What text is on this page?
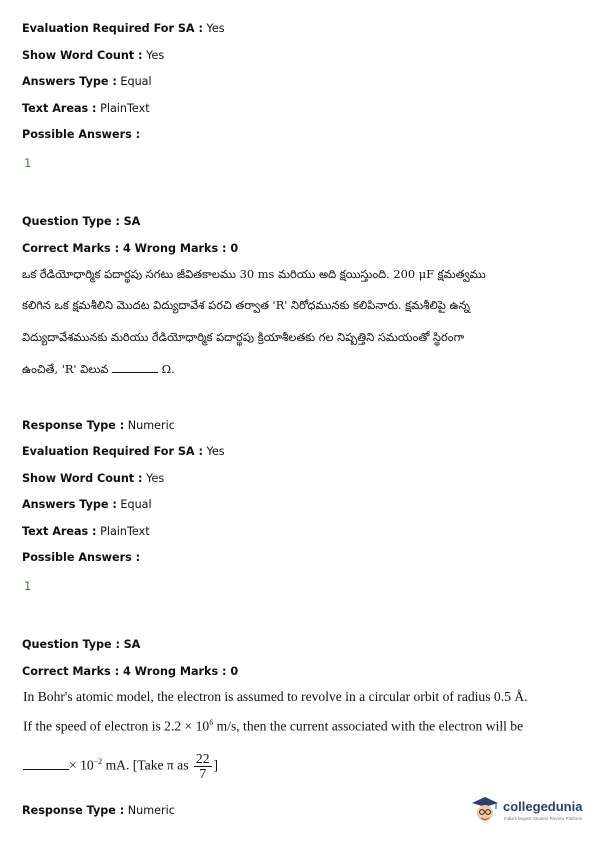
Evaluation Required For SA : Yes
Show Word Count : Yes
Answers Type : Equal
Text Areas : PlainText
Possible Answers :
1
Question Type : SA
Correct Marks : 4 Wrong Marks : 0
ఒక రేడియోధార్మిక పదార్థపు సగటు జీవితకాలము 30 ms మరియు అది క్షయిస్తుంది. 200 μF క్షమత్వము
కలిగిన ఒక క్షమశీలిని మొదట విద్యుదావేశ పరచి తర్వాత 'R' నిరోధమునకు కలిపినారు. క్షమశీలిపై ఉన్న
విద్యుదావేశమునకు మరియు రేడియోధార్మిక పదార్థపు క్రియాశీలతకు గల నిష్పత్తిని సమయంతో స్థిరంగా
ఉంచితే, 'R' విలువ	Ω.
Response Type : Numeric
Evaluation Required For SA : Yes
Show Word Count : Yes
Answers Type : Equal
Text Areas : PlainText
Possible Answers :
1
Question Type : SA
Correct Marks : 4 Wrong Marks : 0
In Bohr's atomic model, the electron is assumed to revolve in a circular orbit of radius 0.5 Å.
If the speed of electron is $2.2 \times 10^6$ m/s, then the current associated with the electron will be
× $10^{-2}$ mA. [Take π as $\frac{22}{7}$ ]
Response Type : Numeric	collegedunia
India's largest Student Review Platform
